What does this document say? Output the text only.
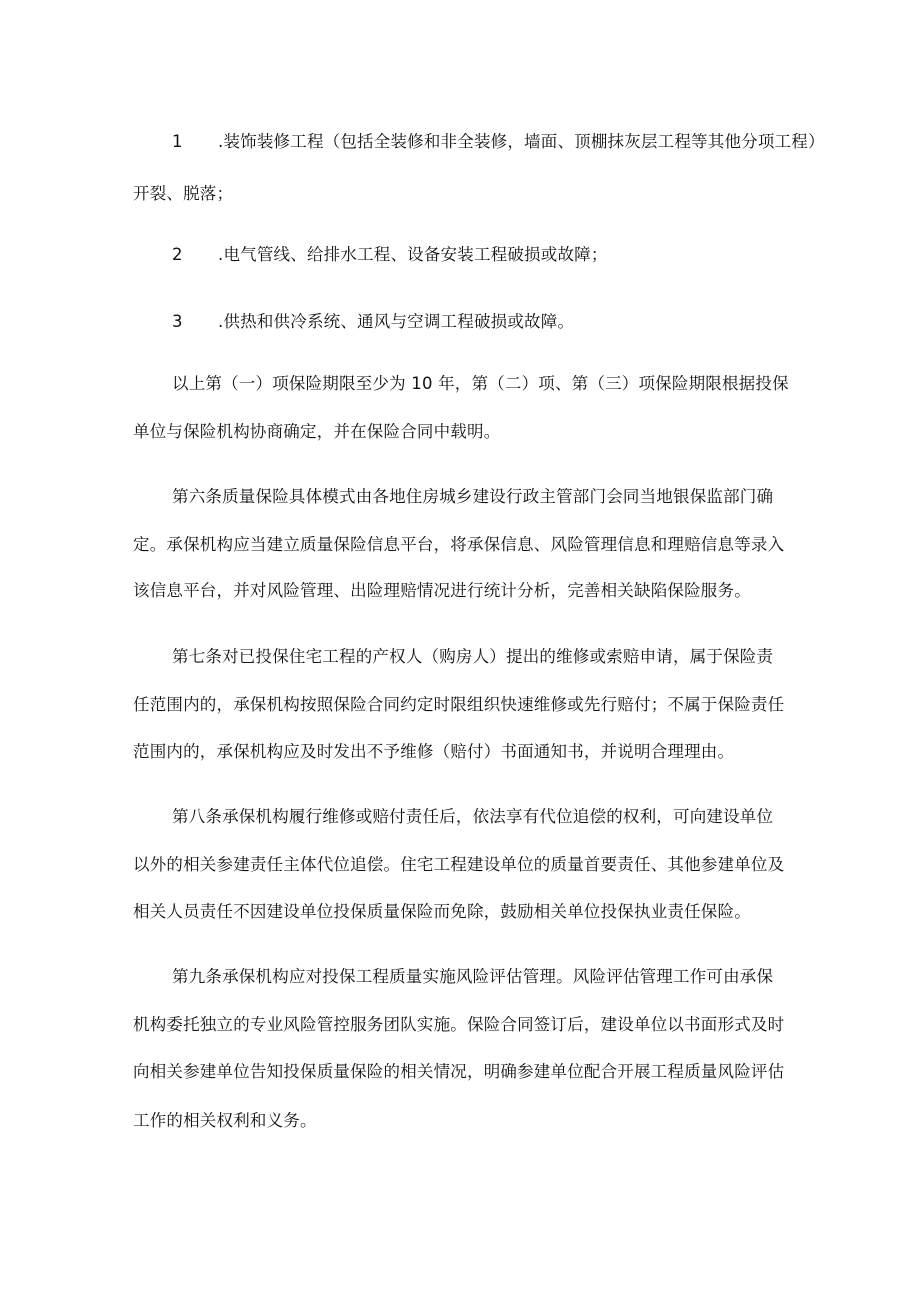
1 .装饰装修工程（包括全装修和非全装修，墙面、顶棚抹灰层工程等其他分项工程）
开裂、脱落；
2 .电气管线、给排水工程、设备安装工程破损或故障；
3 .供热和供冷系统、通风与空调工程破损或故障。
以上第（一）项保险期限至少为 10 年，第（二）项、第（三）项保险期限根据投保
单位与保险机构协商确定，并在保险合同中载明。
第六条质量保险具体模式由各地住房城乡建设行政主管部门会同当地银保监部门确
定。承保机构应当建立质量保险信息平台，将承保信息、风险管理信息和理赔信息等录入
该信息平台，并对风险管理、出险理赔情况进行统计分析，完善相关缺陷保险服务。
第七条对已投保住宅工程的产权人（购房人）提出的维修或索赔申请，属于保险责
任范围内的，承保机构按照保险合同约定时限组织快速维修或先行赔付；不属于保险责任
范围内的，承保机构应及时发出不予维修（赔付）书面通知书，并说明合理理由。
第八条承保机构履行维修或赔付责任后，依法享有代位追偿的权利，可向建设单位
以外的相关参建责任主体代位追偿。住宅工程建设单位的质量首要责任、其他参建单位及
相关人员责任不因建设单位投保质量保险而免除，鼓励相关单位投保执业责任保险。
第九条承保机构应对投保工程质量实施风险评估管理。风险评估管理工作可由承保
机构委托独立的专业风险管控服务团队实施。保险合同签订后，建设单位以书面形式及时
向相关参建单位告知投保质量保险的相关情况，明确参建单位配合开展工程质量风险评估
工作的相关权利和义务。
